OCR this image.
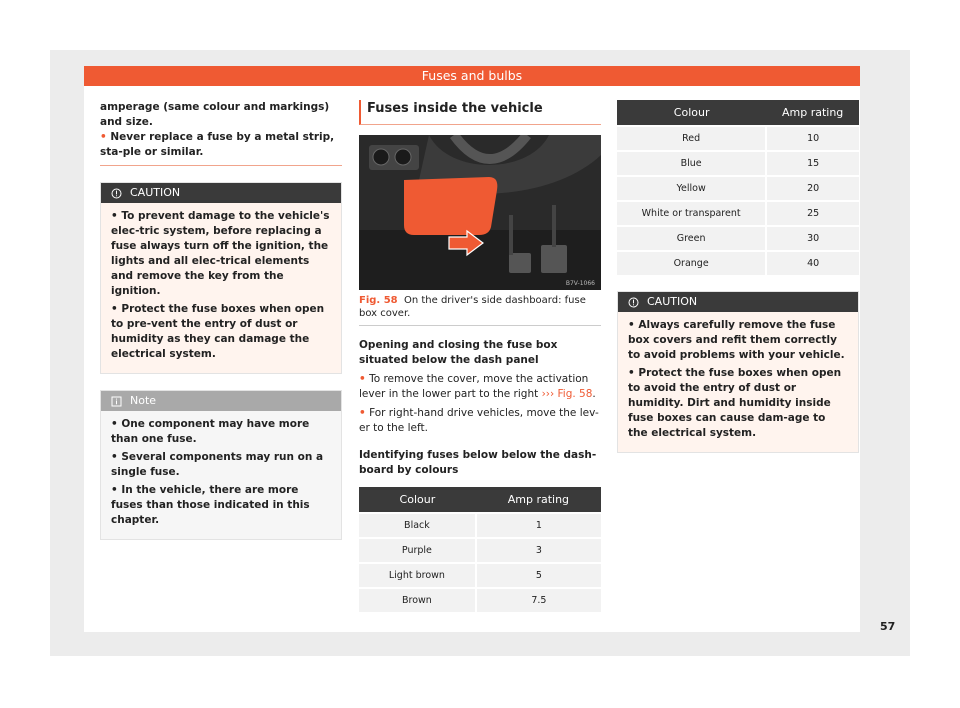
Fuses and bulbs

amperage (same colour and markings) and size.

• Never replace a fuse by a metal strip, sta-ple or similar.

CAUTION

• To prevent damage to the vehicle's elec-tric system, before replacing a fuse always turn off the ignition, the lights and all elec-trical elements and remove the key from the ignition.

• Protect the fuse boxes when open to pre-vent the entry of dust or humidity as they can damage the electrical system.

Note

• One component may have more than one fuse.

• Several components may run on a single fuse.

• In the vehicle, there are more fuses than those indicated in this chapter.

Fuses inside the vehicle
B7V-1066
Fig. 58 On the driver's side dashboard: fuse box cover.
Opening and closing the fuse box situated below the dash panel
• To remove the cover, move the activation lever in the lower part to the right ››› Fig. 58.
• For right-hand drive vehicles, move the lev-er to the left.
Identifying fuses below below the dash-board by colours
Colour	Amp rating
Black	1
Purple	3
Light brown	5
Brown	7.5
Colour	Amp rating
Red	10
Blue	15
Yellow	20
White or transparent	25
Green	30
Orange	40
CAUTION

• Always carefully remove the fuse box covers and refit them correctly to avoid problems with your vehicle.

• Protect the fuse boxes when open to avoid the entry of dust or humidity. Dirt and humidity inside fuse boxes can cause dam-age to the electrical system.

57
